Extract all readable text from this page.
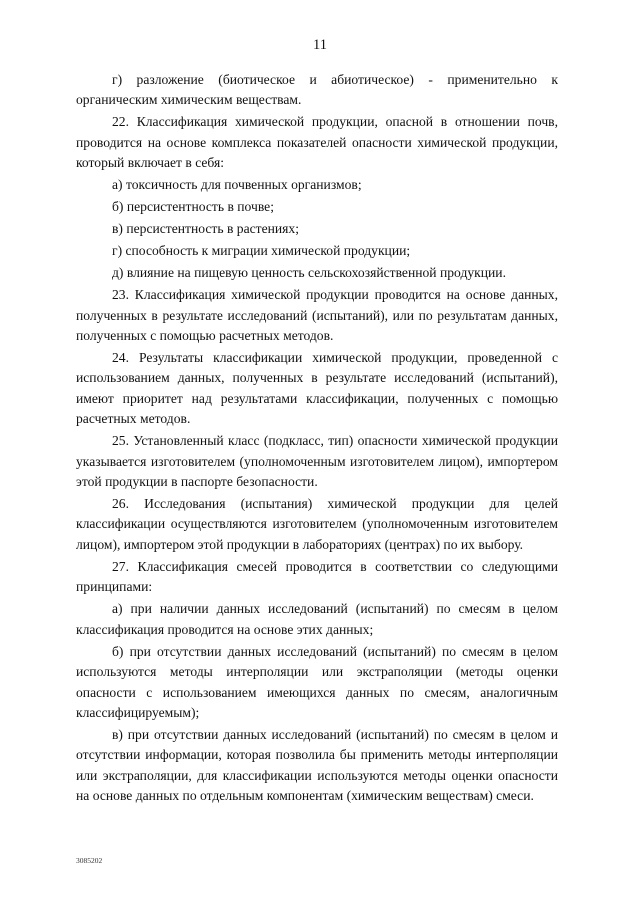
11

г) разложение (биотическое и абиотическое) - применительно к органическим химическим веществам.

22. Классификация химической продукции, опасной в отношении почв, проводится на основе комплекса показателей опасности химической продукции, который включает в себя:

а) токсичность для почвенных организмов;

б) персистентность в почве;

в) персистентность в растениях;

г) способность к миграции химической продукции;

д) влияние на пищевую ценность сельскохозяйственной продукции.

23. Классификация химической продукции проводится на основе данных, полученных в результате исследований (испытаний), или по результатам данных, полученных с помощью расчетных методов.

24. Результаты классификации химической продукции, проведенной с использованием данных, полученных в результате исследований (испытаний), имеют приоритет над результатами классификации, полученных с помощью расчетных методов.

25. Установленный класс (подкласс, тип) опасности химической продукции указывается изготовителем (уполномоченным изготовителем лицом), импортером этой продукции в паспорте безопасности.

26. Исследования (испытания) химической продукции для целей классификации осуществляются изготовителем (уполномоченным изготовителем лицом), импортером этой продукции в лабораториях (центрах) по их выбору.

27. Классификация смесей проводится в соответствии со следующими принципами:

а) при наличии данных исследований (испытаний) по смесям в целом классификация проводится на основе этих данных;

б) при отсутствии данных исследований (испытаний) по смесям в целом используются методы интерполяции или экстраполяции (методы оценки опасности с использованием имеющихся данных по смесям, аналогичным классифицируемым);

в) при отсутствии данных исследований (испытаний) по смесям в целом и отсутствии информации, которая позволила бы применить методы интерполяции или экстраполяции, для классификации используются методы оценки опасности на основе данных по отдельным компонентам (химическим веществам) смеси.

3085202
